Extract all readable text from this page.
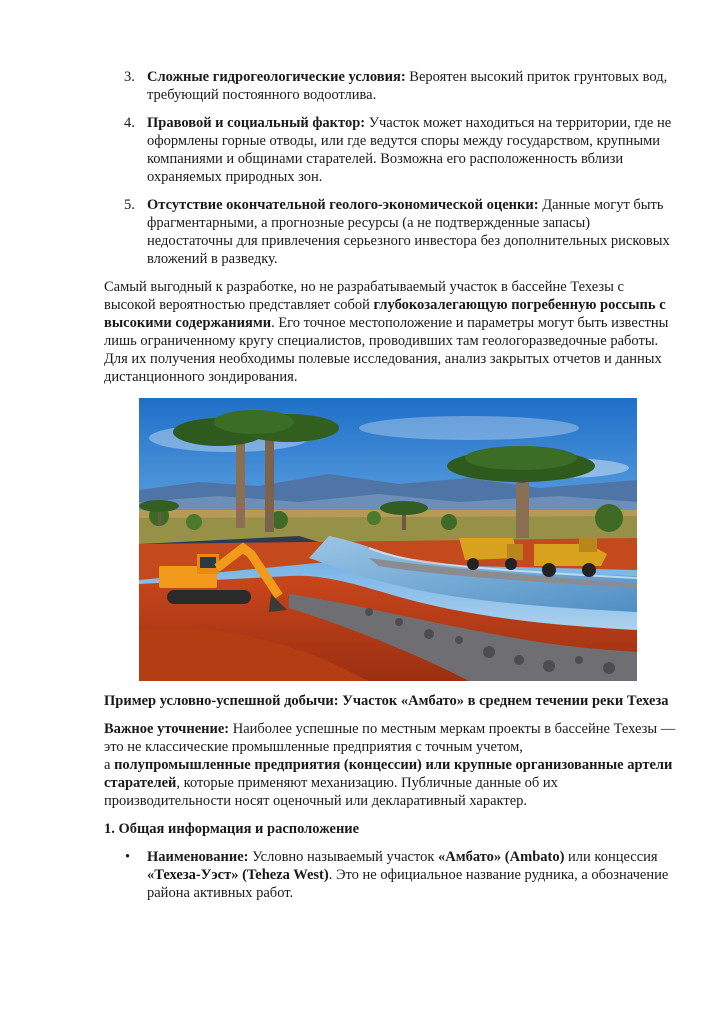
3. Сложные гидрогеологические условия: Вероятен высокий приток грунтовых вод, требующий постоянного водоотлива.
4. Правовой и социальный фактор: Участок может находиться на территории, где не оформлены горные отводы, или где ведутся споры между государством, крупными компаниями и общинами старателей. Возможна его расположенность вблизи охраняемых природных зон.
5. Отсутствие окончательной геолого-экономической оценки: Данные могут быть фрагментарными, а прогнозные ресурсы (а не подтвержденные запасы) недостаточны для привлечения серьезного инвестора без дополнительных рисковых вложений в разведку.

Самый выгодный к разработке, но не разрабатываемый участок в бассейне Техезы с высокой вероятностью представляет собой глубокозалегающую погребенную россыпь с высокими содержаниями. Его точное местоположение и параметры могут быть известны лишь ограниченному кругу специалистов, проводивших там геологоразведочные работы. Для их получения необходимы полевые исследования, анализ закрытых отчетов и данных дистанционного зондирования.

Пример условно-успешной добычи: Участок «Амбато» в среднем течении реки Техеза

Важное уточнение: Наиболее успешные по местным меркам проекты в бассейне Техезы — это не классические промышленные предприятия с точным учетом,
а полупромышленные предприятия (концессии) или крупные организованные артели старателей, которые применяют механизацию. Публичные данные об их производительности носят оценочный или декларативный характер.

1. Общая информация и расположение

• Наименование: Условно называемый участок «Амбато» (Ambato) или концессия «Техеза-Уэст» (Teheza West). Это не официальное название рудника, а обозначение района активных работ.
